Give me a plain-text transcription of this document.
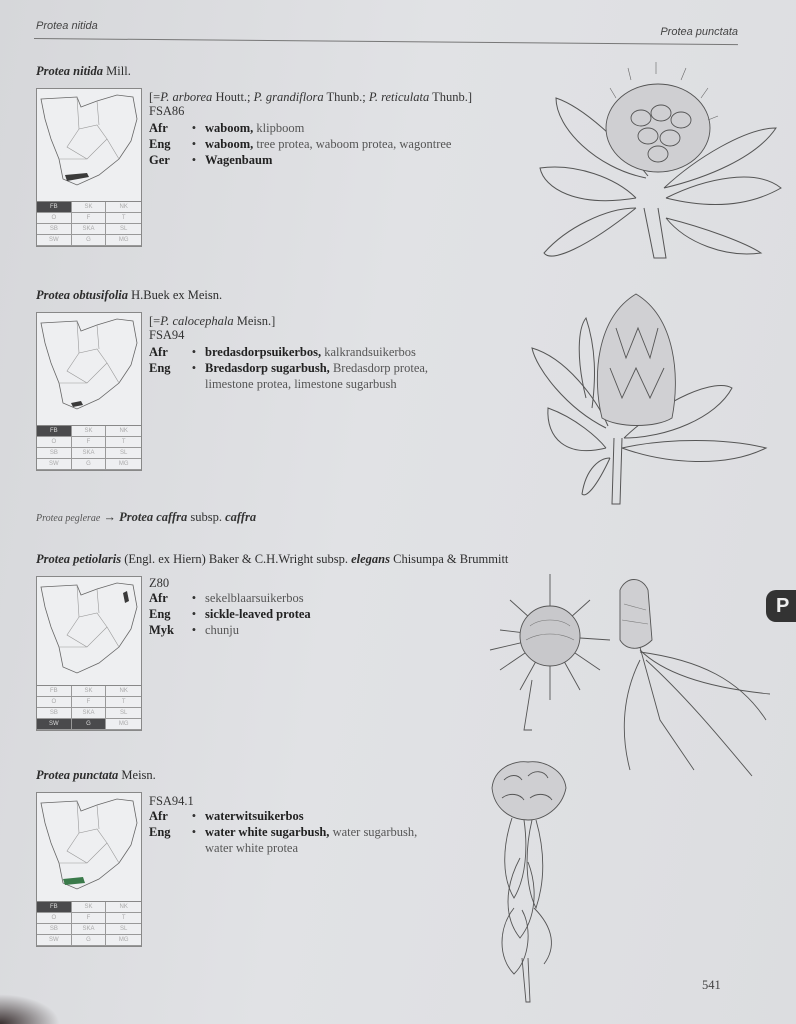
Protea nitida	Protea punctata
Protea nitida Mill.
FB	SK	NK
O	F	T
SB	SKA	SL
SW	G	MG
[=P. arborea Houtt.; P. grandiflora Thunb.; P. reticulata Thunb.]
FSA86
Afr	• waboom, klipboom
Eng	• waboom, tree protea, waboom protea, wagontree
Ger	• Wagenbaum
Protea obtusifolia H.Buek ex Meisn.
FB	SK	NK
O	F	T
SB	SKA	SL
SW	G	MG
[=P. calocephala Meisn.]
FSA94
Afr	• bredasdorpsuikerbos, kalkrandsuikerbos
Eng	• Bredasdorp sugarbush, Bredasdorp protea,
limestone protea, limestone sugarbush
Protea peglerae → Protea caffra subsp. caffra
Protea petiolaris (Engl. ex Hiern) Baker & C.H.Wright subsp. elegans Chisumpa & Brummitt
FB	SK	NK
O	F	T
SB	SKA	SL
SW	G	MG
Z80
Afr	• sekelblaarsuikerbos
Eng	• sickle-leaved protea
Myk	• chunju
P
Protea punctata Meisn.
FB	SK	NK
O	F	T
SB	SKA	SL
SW	G	MG
FSA94.1
Afr	• waterwitsuikerbos
Eng	• water white sugarbush, water sugarbush,
water white protea
541
